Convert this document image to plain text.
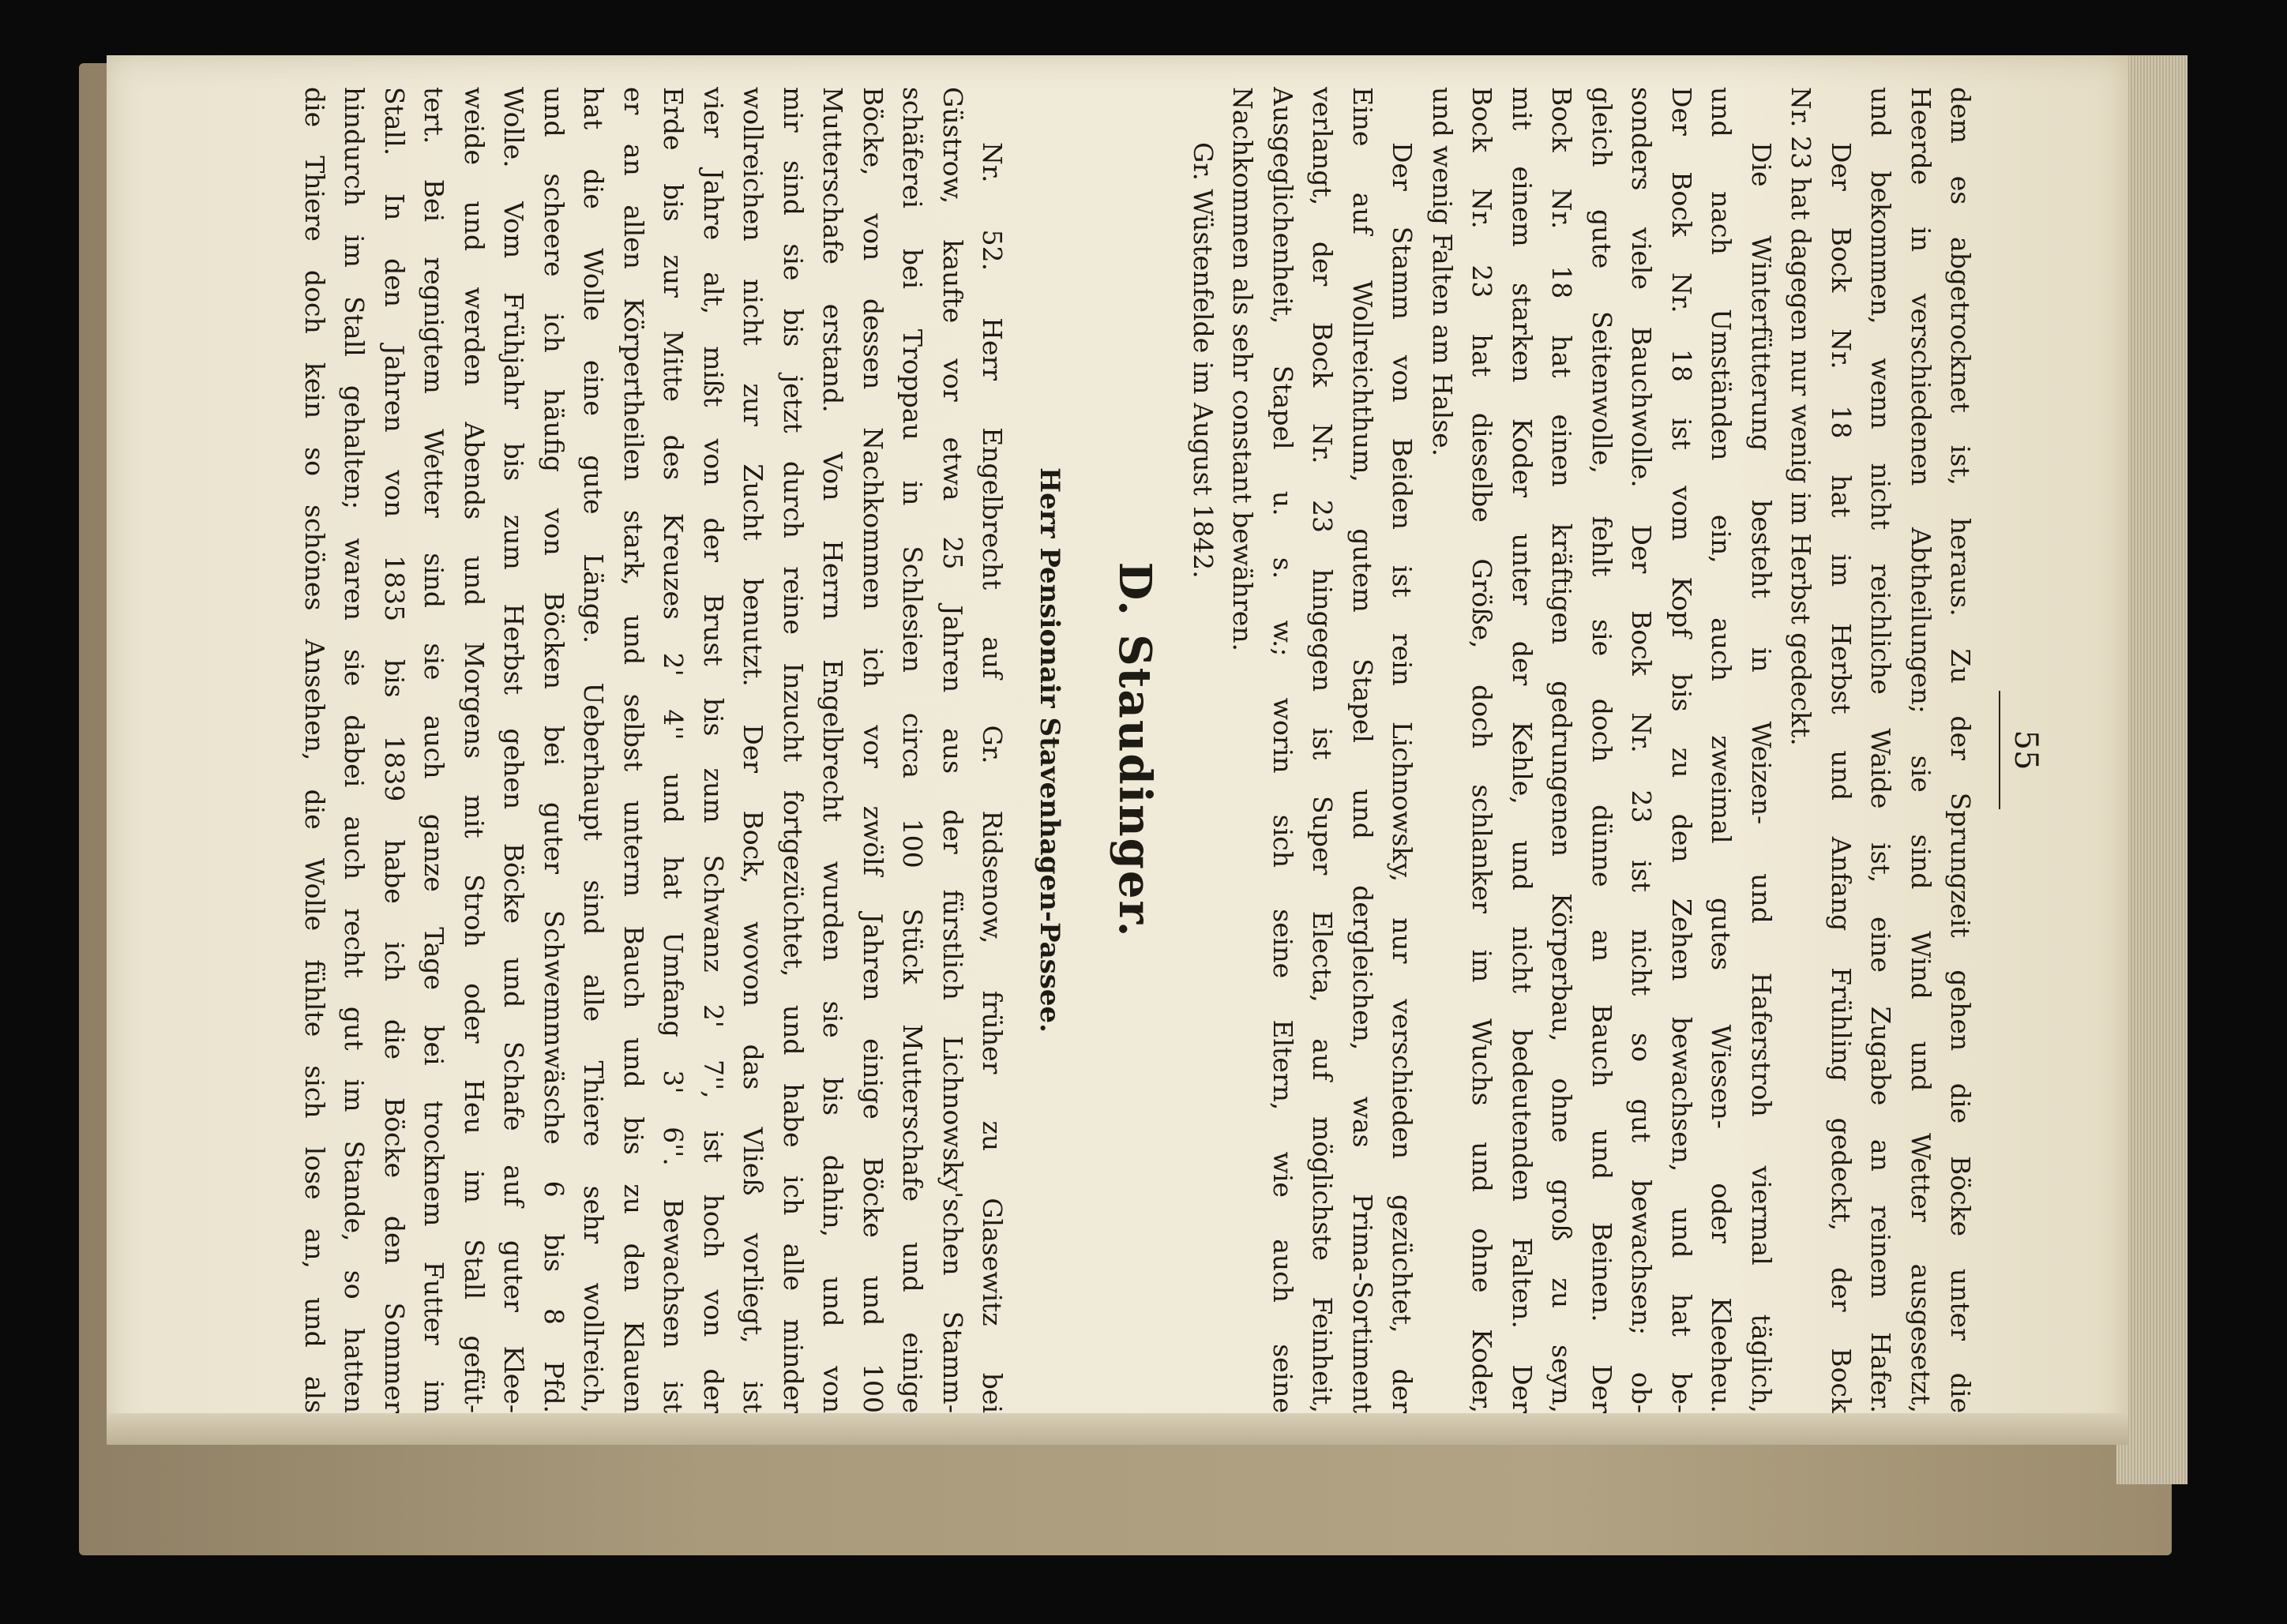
55
dem es abgetrocknet ist, heraus. Zu der Sprungzeit gehen die Böcke unter die
Heerde in verschiedenen Abtheilungen; sie sind Wind und Wetter ausgesetzt,
und bekommen, wenn nicht reichliche Waide ist, eine Zugabe an reinem Hafer.
Der Bock Nr. 18 hat im Herbst und Anfang Frühling gedeckt, der Bock
Nr. 23 hat dagegen nur wenig im Herbst gedeckt.
Die Winterfütterung besteht in Weizen- und Haferstroh viermal täglich,
und nach Umständen ein, auch zweimal gutes Wiesen- oder Kleeheu.
Der Bock Nr. 18 ist vom Kopf bis zu den Zehen bewachsen, und hat be-
sonders viele Bauchwolle. Der Bock Nr. 23 ist nicht so gut bewachsen; ob-
gleich gute Seitenwolle, fehlt sie doch dünne an Bauch und Beinen. Der
Bock Nr. 18 hat einen kräftigen gedrungenen Körperbau, ohne groß zu seyn,
mit einem starken Koder unter der Kehle, und nicht bedeutenden Falten. Der
Bock Nr. 23 hat dieselbe Größe, doch schlanker im Wuchs und ohne Koder,
und wenig Falten am Halse.
Der Stamm von Beiden ist rein Lichnowsky, nur verschieden gezüchtet, der
Eine auf Wollreichthum, gutem Stapel und dergleichen, was Prima-Sortiment
verlangt, der Bock Nr. 23 hingegen ist Super Electa, auf möglichste Feinheit,
Ausgeglichenheit, Stapel u. s. w.; worin sich seine Eltern, wie auch seine
Nachkommen als sehr constant bewähren.
Gr. Wüstenfelde im August 1842.
D. Staudinger.
Herr Pensionair Stavenhagen-Passee.
Nr. 52. Herr Engelbrecht auf Gr. Ridsenow, früher zu Glasewitz bei
Güstrow, kaufte vor etwa 25 Jahren aus der fürstlich Lichnowsky'schen Stamm-
schäferei bei Troppau in Schlesien circa 100 Stück Mutterschafe und einige
Böcke, von dessen Nachkommen ich vor zwölf Jahren einige Böcke und 100
Mutterschafe erstand. Von Herrn Engelbrecht wurden sie bis dahin, und von
mir sind sie bis jetzt durch reine Inzucht fortgezüchtet, und habe ich alle minder
wollreichen nicht zur Zucht benutzt. Der Bock, wovon das Vließ vorliegt, ist
vier Jahre alt, mißt von der Brust bis zum Schwanz 2' 7'', ist hoch von der
Erde bis zur Mitte des Kreuzes 2' 4'' und hat Umfang 3' 6''. Bewachsen ist
er an allen Körpertheilen stark, und selbst unterm Bauch und bis zu den Klauen
hat die Wolle eine gute Länge. Ueberhaupt sind alle Thiere sehr wollreich,
und scheere ich häufig von Böcken bei guter Schwemmwäsche 6 bis 8 Pfd.
Wolle. Vom Frühjahr bis zum Herbst gehen Böcke und Schafe auf guter Klee-
weide und werden Abends und Morgens mit Stroh oder Heu im Stall gefüt-
tert. Bei regnigtem Wetter sind sie auch ganze Tage bei trocknem Futter im
Stall. In den Jahren von 1835 bis 1839 habe ich die Böcke den Sommer
hindurch im Stall gehalten; waren sie dabei auch recht gut im Stande, so hatten
die Thiere doch kein so schönes Ansehen, die Wolle fühlte sich lose an, und als
